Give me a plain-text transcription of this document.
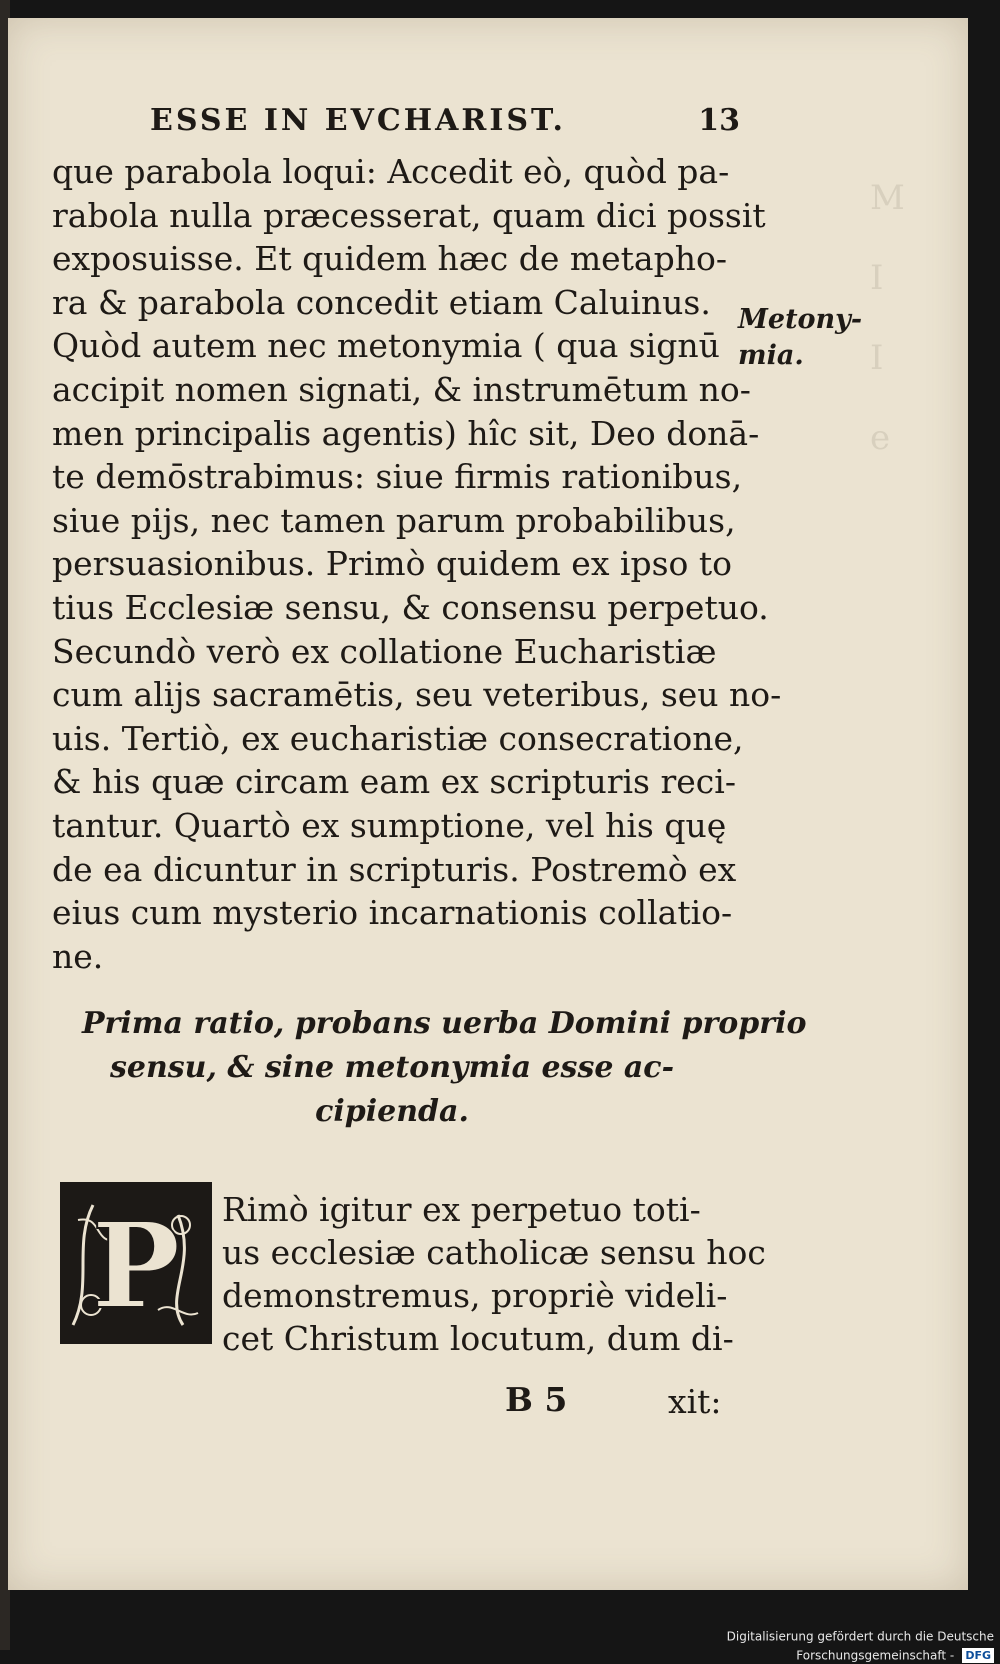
M
I
I
e
ESSE IN EVCHARIST.	13
que parabola loqui: Accedit eò, quòd pa-
rabola nulla præcesserat, quam dici possit
exposuisse. Et quidem hæc de metapho-
ra & parabola concedit etiam Caluinus.
Quòd autem nec metonymia ( qua signū
accipit nomen signati, & instrumētum no-
men principalis agentis) hîc sit, Deo donā-
te demōstrabimus: siue firmis rationibus,
siue pijs, nec tamen parum probabilibus,
persuasionibus. Primò quidem ex ipso to
tius Ecclesiæ sensu, & consensu perpetuo.
Secundò verò ex collatione Eucharistiæ
cum alijs sacramētis, seu veteribus, seu no-
uis. Tertiò, ex eucharistiæ consecratione,
& his quæ circam eam ex scripturis reci-
tantur. Quartò ex sumptione, vel his quę
de ea dicuntur in scripturis. Postremò ex
eius cum mysterio incarnationis collatio-
ne.
Metony-
mia.
Prima ratio, probans uerba Domini proprio
sensu, & sine metonymia esse ac-
cipienda.
P Rimò igitur ex perpetuo toti-
us ecclesiæ catholicæ sensu hoc
demonstremus, propriè videli-
cet Christum locutum, dum di-
B 5	xit:
Digitalisierung gefördert durch die Deutsche Forschungsgemeinschaft - DFG
